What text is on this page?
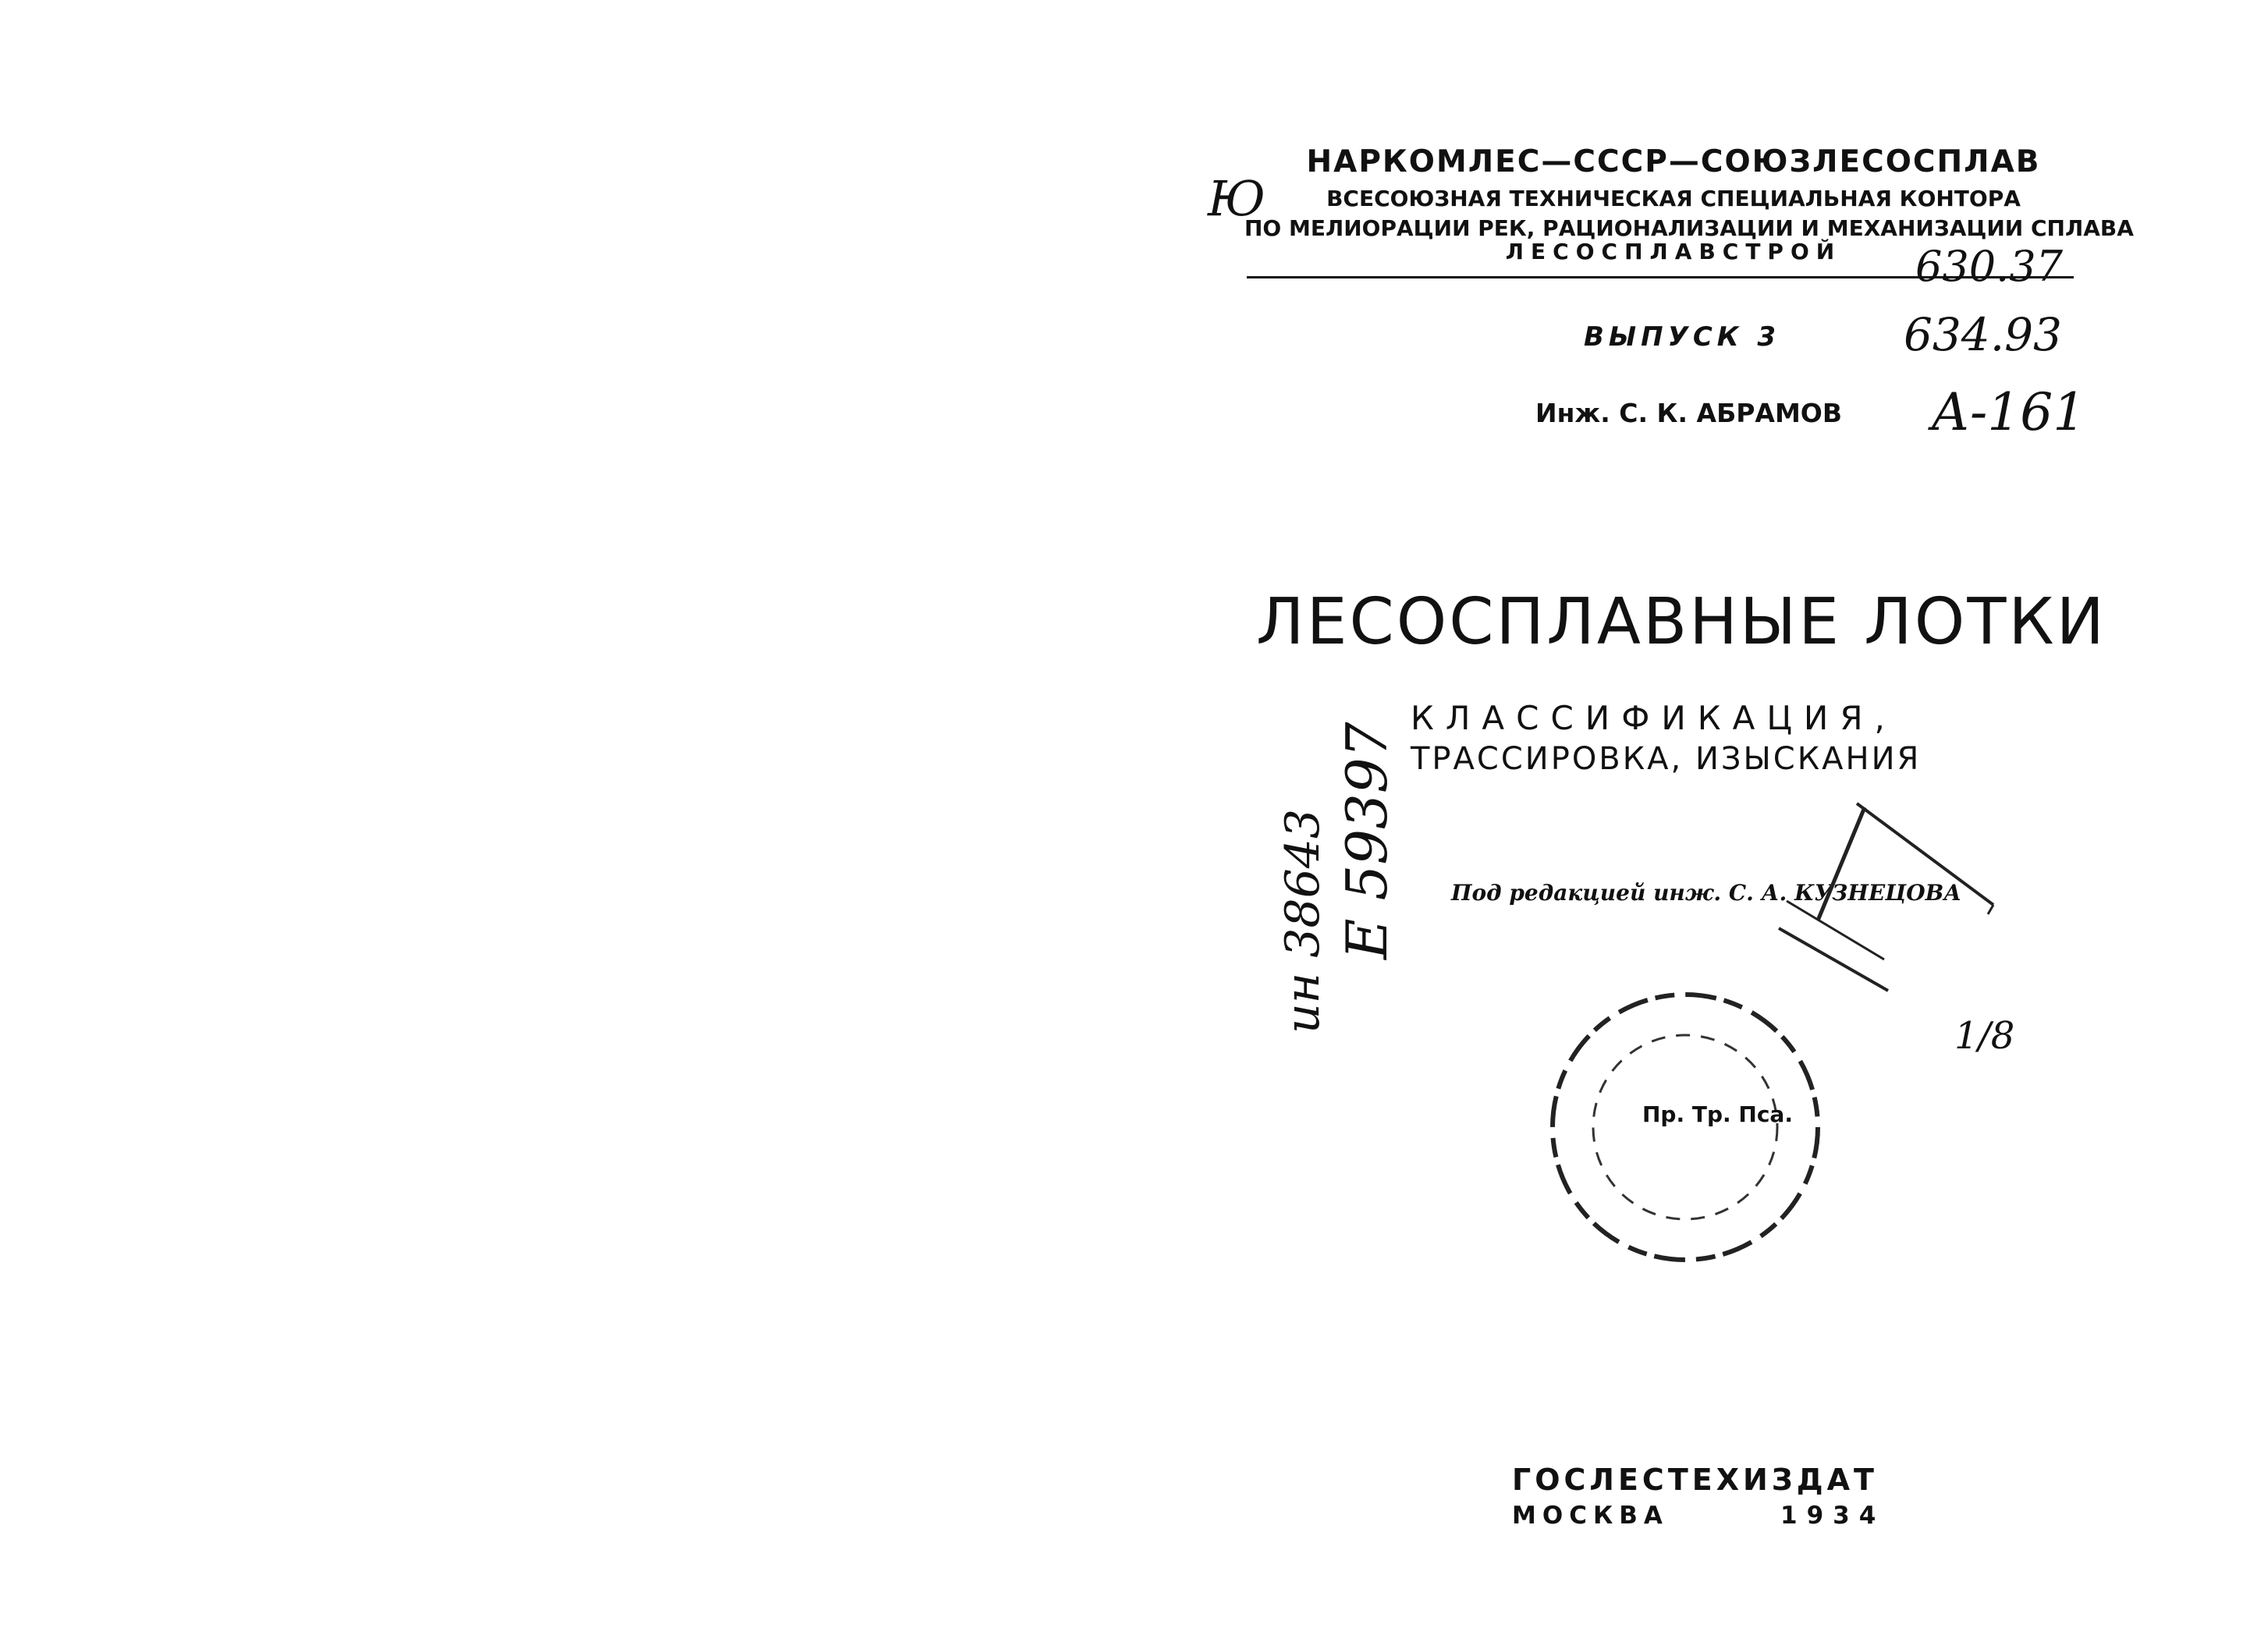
НАРКОМЛЕС—СССР—СОЮЗЛЕСОСПЛАВ
ВСЕСОЮЗНАЯ ТЕХНИЧЕСКАЯ СПЕЦИАЛЬНАЯ КОНТОРА
ПО МЕЛИОРАЦИИ РЕК, РАЦИОНАЛИЗАЦИИ И МЕХАНИЗАЦИИ СПЛАВА
ЛЕСОСПЛАВСТРОЙ
Ю
630.37
634.93
А-161
ВЫПУСК 3
Инж. С. К. АБРАМОВ
ЛЕСОСПЛАВНЫЕ ЛОТКИ
КЛАССИФИКАЦИЯ,
ТРАССИРОВКА, ИЗЫСКАНИЯ
ин 38643 Е 59397 Под редакцией инж. С. А. КУЗНЕЦОВА
1/8
Пр. Тр. Пса.
ГОСЛЕСТЕХИЗДАТ
МОСКВА	1934
